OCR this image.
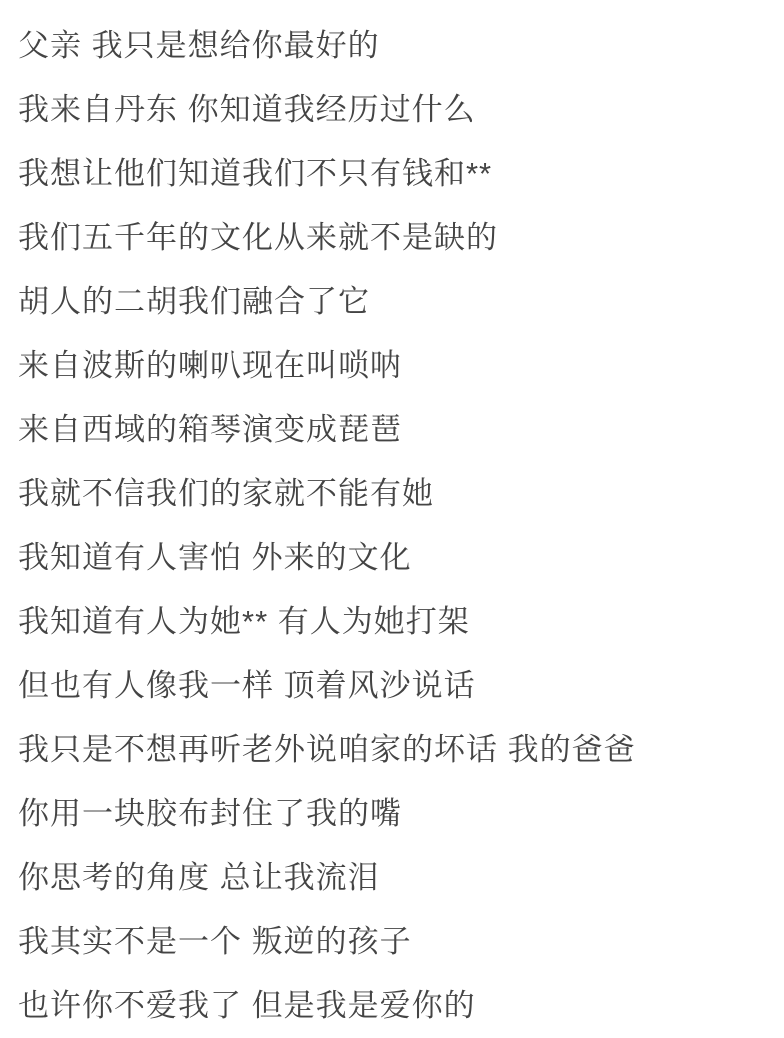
父亲 我只是想给你最好的
我来自丹东 你知道我经历过什么
我想让他们知道我们不只有钱和**
我们五千年的文化从来就不是缺的
胡人的二胡我们融合了它
来自波斯的喇叭现在叫唢呐
来自西域的箱琴演变成琵琶
我就不信我们的家就不能有她
我知道有人害怕 外来的文化
我知道有人为她** 有人为她打架
但也有人像我一样 顶着风沙说话
我只是不想再听老外说咱家的坏话 我的爸爸
你用一块胶布封住了我的嘴
你思考的角度 总让我流泪
我其实不是一个 叛逆的孩子
也许你不爱我了 但是我是爱你的
